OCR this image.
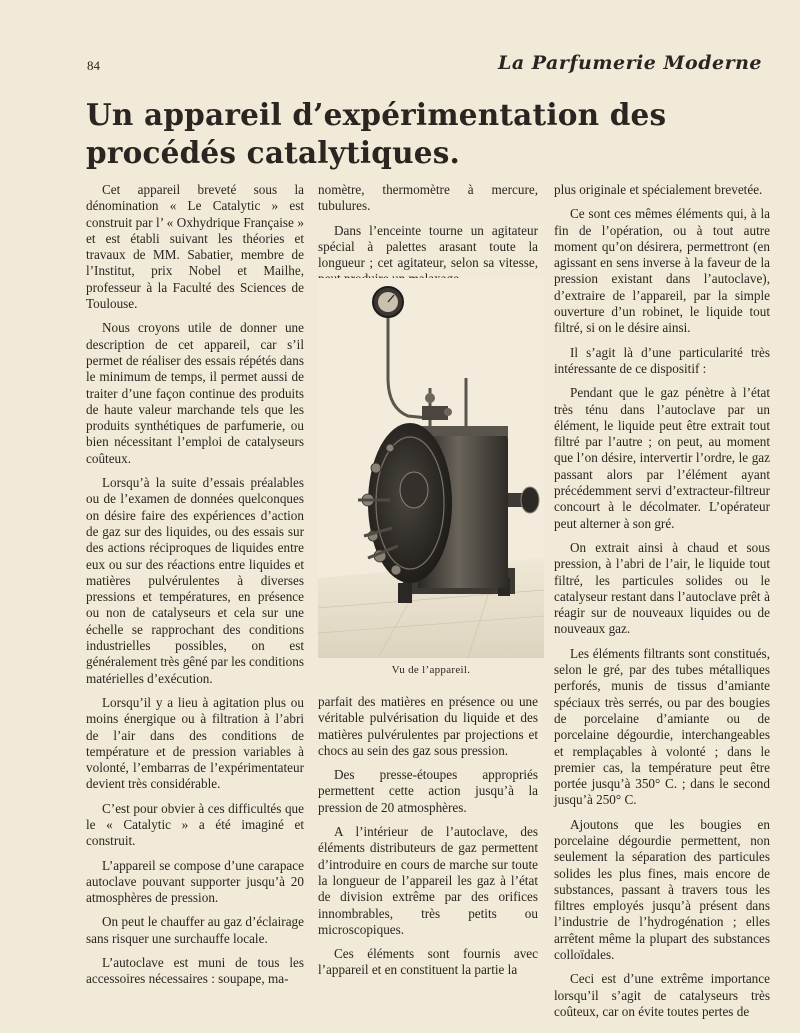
84	La Parfumerie Moderne
Un appareil d’expérimentation des procédés catalytiques.

Cet appareil breveté sous la dénomination « Le Catalytic » est construit par l’ « Oxhydrique Française » et est établi suivant les théories et travaux de MM. Sabatier, membre de l’Institut, prix Nobel et Mailhe, professeur à la Faculté des Sciences de Toulouse.

Nous croyons utile de donner une description de cet appareil, car s’il permet de réaliser des essais répétés dans le minimum de temps, il permet aussi de traiter d’une façon continue des produits de haute valeur marchande tels que les produits synthétiques de parfumerie, ou bien nécessitant l’emploi de catalyseurs coûteux.

Lorsqu’à la suite d’essais préalables ou de l’examen de données quelconques on désire faire des expériences d’action de gaz sur des liquides, ou des essais sur des actions réciproques de liquides entre eux ou sur des réactions entre liquides et matières pulvérulentes à diverses pressions et températures, en présence ou non de catalyseurs et cela sur une échelle se rapprochant des conditions industrielles possibles, on est généralement très gêné par les conditions matérielles d’exécution.

Lorsqu’il y a lieu à agitation plus ou moins énergique ou à filtration à l’abri de l’air dans des conditions de température et de pression variables à volonté, l’embarras de l’expérimentateur devient très considérable.

C’est pour obvier à ces difficultés que le « Catalytic » a été imaginé et construit.

L’appareil se compose d’une carapace autoclave pouvant supporter jusqu’à 20 atmosphères de pression.

On peut le chauffer au gaz d’éclairage sans risquer une surchauffe locale.

L’autoclave est muni de tous les accessoires nécessaires : soupape, ma-

nomètre, thermomètre à mercure, tubulures.

Dans l’enceinte tourne un agitateur spécial à palettes arasant toute la longueur ; cet agitateur, selon sa vitesse,

Vu de l’appareil.

parfait des matières en présence ou une véritable pulvérisation du liquide et des matières pulvérulentes par projections et chocs au sein des gaz sous pression.

Des presse-étoupes appropriés permettent cette action jusqu’à la pression de 20 atmosphères.

A l’intérieur de l’autoclave, des éléments distributeurs de gaz permettent d’introduire en cours de marche sur toute la longueur de l’appareil les gaz à l’état de division extrême par des orifices innombrables, très petits ou microscopiques.

Ces éléments sont fournis avec l’appareil et en constituent la partie la

plus originale et spécialement brevetée.

Ce sont ces mêmes éléments qui, à la fin de l’opération, ou à tout autre moment qu’on désirera, permettront (en agissant en sens inverse à la faveur de la pression existant dans l’autoclave), d’extraire de l’appareil, par la simple ouverture d’un robinet, le liquide tout filtré, si on le désire ainsi.

Il s’agit là d’une particularité très intéressante de ce dispositif :

Pendant que le gaz pénètre à l’état très ténu dans l’autoclave par un élément, le liquide peut être extrait tout filtré par l’autre ; on peut, au moment que l’on désire, intervertir l’ordre, le gaz passant alors par l’élément ayant précédemment servi d’extracteur-filtreur concourt à le décolmater. L’opérateur peut alterner à son gré.

On extrait ainsi à chaud et sous pression, à l’abri de l’air, le liquide tout filtré, les particules solides ou le catalyseur restant dans l’autoclave prêt à réagir sur de nouveaux liquides ou de nouveaux gaz.

Les éléments filtrants sont constitués, selon le gré, par des tubes métalliques perforés, munis de tissus d’amiante spéciaux très serrés, ou par des bougies de porcelaine d’amiante ou de porcelaine dégourdie, interchangeables et remplaçables à volonté ; dans le premier cas, la température peut être portée jusqu’à 350° C. ; dans le second jusqu’à 250° C.

Ajoutons que les bougies en porcelaine dégourdie permettent, non seulement la séparation des particules solides les plus fines, mais encore de substances, passant à travers tous les filtres employés jusqu’à présent dans l’industrie de l’hydrogénation ; elles arrêtent même la plupart des substances colloïdales.

Ceci est d’une extrême importance lorsqu’il s’agit de catalyseurs très coûteux, car on évite toutes pertes de
